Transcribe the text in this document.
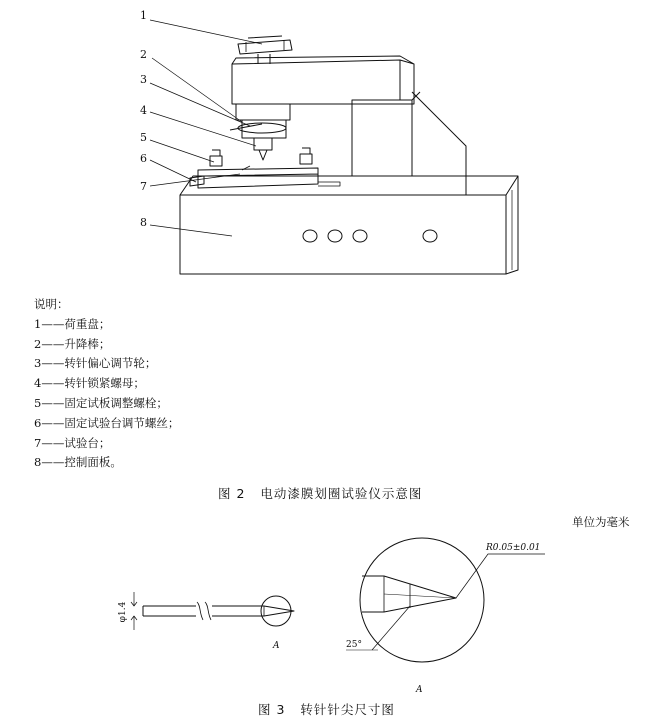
1
2
3
4
5
6
7
8
φ1.4
A
A
R0.05±0.01
25°
说明：
1——荷重盘；
2——升降棒；
3——转针偏心调节轮；
4——转针锁紧螺母；
5——固定试板调整螺栓；
6——固定试验台调节螺丝；
7——试验台；
8——控制面板。
图 2   电动漆膜划圈试验仪示意图
单位为毫米
图 3   转针针尖尺寸图
